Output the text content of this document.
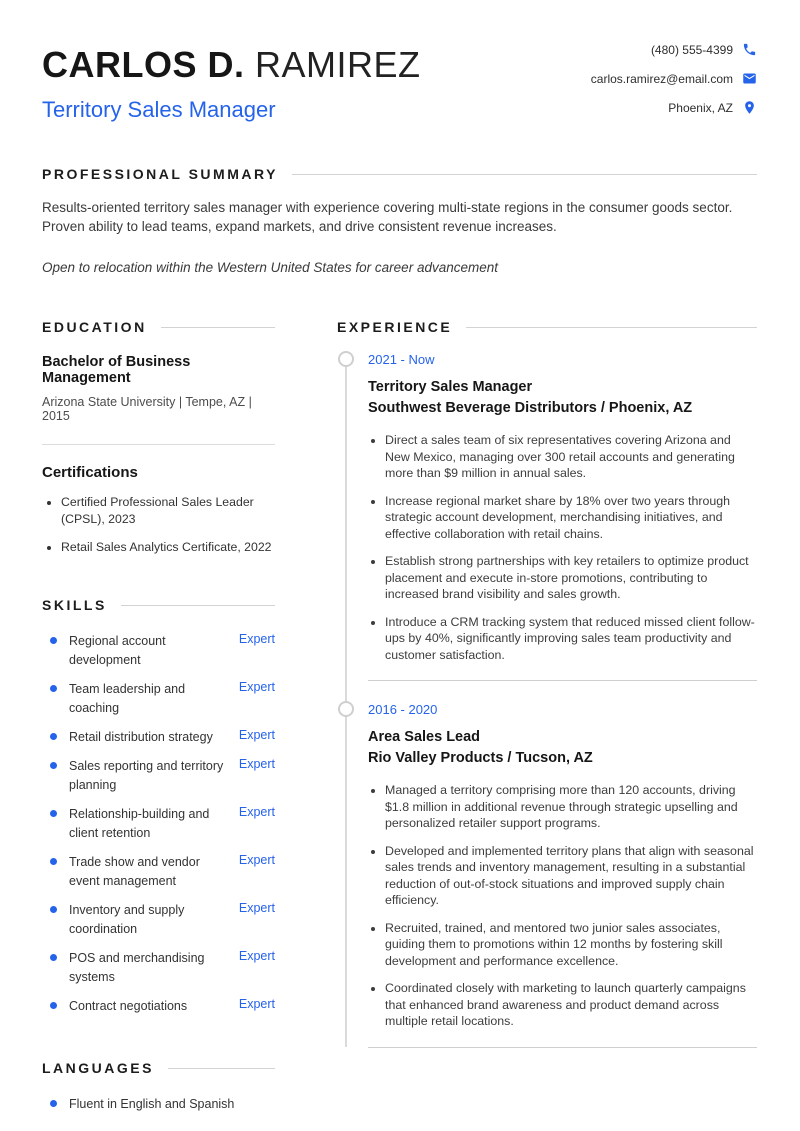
CARLOS D. RAMIREZ
Territory Sales Manager
(480) 555-4399
carlos.ramirez@email.com
Phoenix, AZ
PROFESSIONAL SUMMARY
Results-oriented territory sales manager with experience covering multi-state regions in the consumer goods sector. Proven ability to lead teams, expand markets, and drive consistent revenue increases.
Open to relocation within the Western United States for career advancement
EDUCATION
Bachelor of Business Management
Arizona State University | Tempe, AZ | 2015
Certifications
• Certified Professional Sales Leader (CPSL), 2023
• Retail Sales Analytics Certificate, 2022
SKILLS
Regional account development
Expert
Team leadership and coaching
Expert
Retail distribution strategy	Expert
Sales reporting and territory planning
Expert
Relationship-building and client retention
Expert
Trade show and vendor event management
Expert
Inventory and supply coordination
Expert
POS and merchandising systems
Expert
Contract negotiations	Expert
LANGUAGES
Fluent in English and Spanish
EXPERIENCE
2021 - Now
Territory Sales Manager
Southwest Beverage Distributors / Phoenix, AZ
• Direct a sales team of six representatives covering Arizona and New Mexico, managing over 300 retail accounts and generating more than $9 million in annual sales.
• Increase regional market share by 18% over two years through strategic account development, merchandising initiatives, and effective collaboration with retail chains.
• Establish strong partnerships with key retailers to optimize product placement and execute in-store promotions, contributing to increased brand visibility and sales growth.
• Introduce a CRM tracking system that reduced missed client follow-ups by 40%, significantly improving sales team productivity and customer satisfaction.
2016 - 2020
Area Sales Lead
Rio Valley Products / Tucson, AZ
• Managed a territory comprising more than 120 accounts, driving $1.8 million in additional revenue through strategic upselling and personalized retailer support programs.
• Developed and implemented territory plans that align with seasonal sales trends and inventory management, resulting in a substantial reduction of out-of-stock situations and improved supply chain efficiency.
• Recruited, trained, and mentored two junior sales associates, guiding them to promotions within 12 months by fostering skill development and performance excellence.
• Coordinated closely with marketing to launch quarterly campaigns that enhanced brand awareness and product demand across multiple retail locations.
